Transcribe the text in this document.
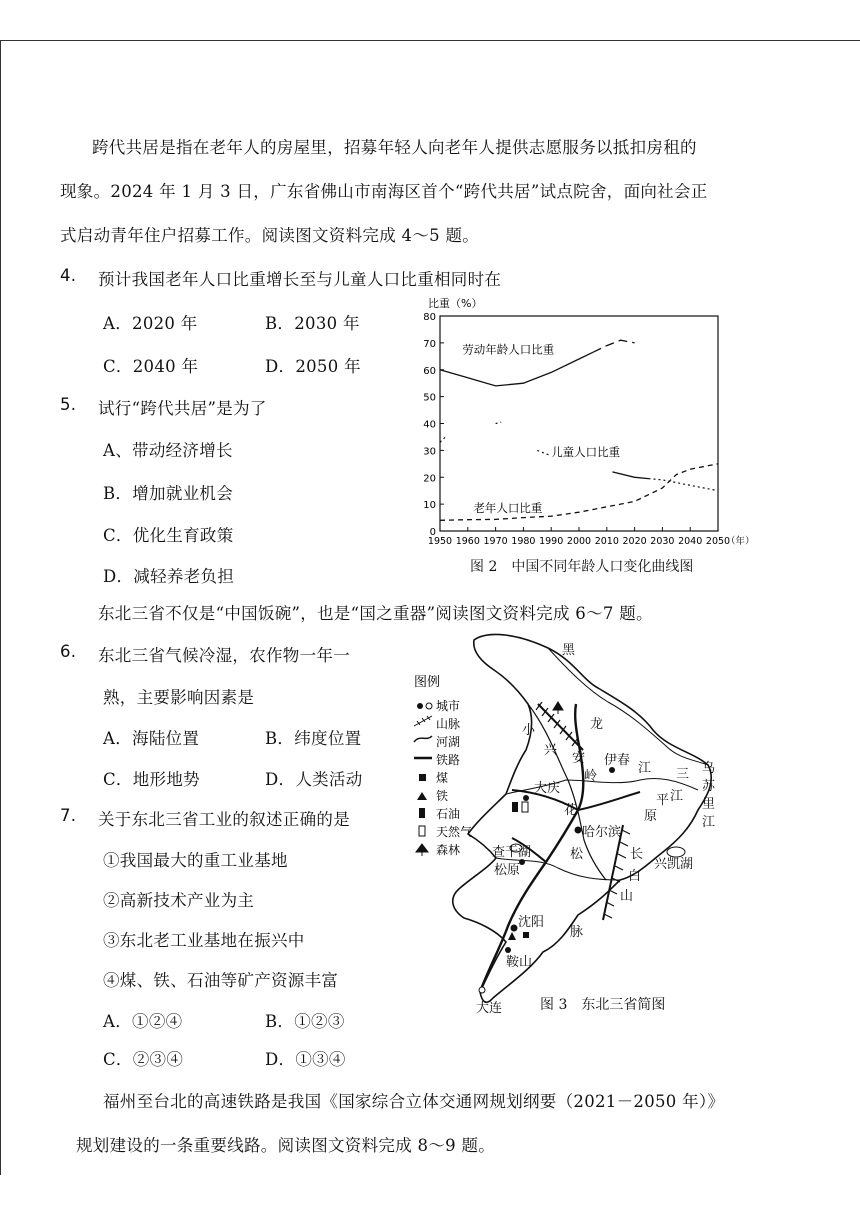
跨代共居是指在老年人的房屋里，招募年轻人向老年人提供志愿服务以抵扣房租的
现象。2024 年 1 月 3 日，广东省佛山市南海区首个“跨代共居”试点院舍，面向社会正
式启动青年住户招募工作。阅读图文资料完成 4～5 题。
4. 预计我国老年人口比重增长至与儿童人口比重相同时在
A．2020 年	B．2030 年
C．2040 年	D．2050 年
5. 试行“跨代共居”是为了
A、带动经济增长
B．增加就业机会
C．优化生育政策
D．减轻养老负担
0
10
20
30
40
50
60
70
80
1950 1960 1970 1980 1990 2000 2010 2020 2030 2040 2050
比重（%）
（年）
劳动年龄人口比重
儿童人口比重
老年人口比重
图 2　中国不同年龄人口变化曲线图
东北三省不仅是“中国饭碗”，也是“国之重器”阅读图文资料完成 6～7 题。
6. 东北三省气候冷湿，农作物一年一
熟，主要影响因素是
A．海陆位置	B．纬度位置
C．地形地势	D．人类活动
7. 关于东北三省工业的叙述正确的是
①我国最大的重工业基地
②高新技术产业为主
③东北老工业基地在振兴中
④煤、铁、石油等矿产资源丰富
A．①②④	B．①②③
C．②③④	D．①③④
图例
城市
山脉
河湖
铁路
煤
铁
石油
天然气
森林
黑
龙
江
小
兴
安
岭
伊春
乌
苏
里
江
三
江
平
原
大庆
花
哈尔滨
松
查干湖
松原	兴凯湖
长
白
山
脉
沈阳
鞍山
大连	图 3　东北三省简图
福州至台北的高速铁路是我国《国家综合立体交通网规划纲要（2021－2050 年）》
规划建设的一条重要线路。阅读图文资料完成 8～9 题。
